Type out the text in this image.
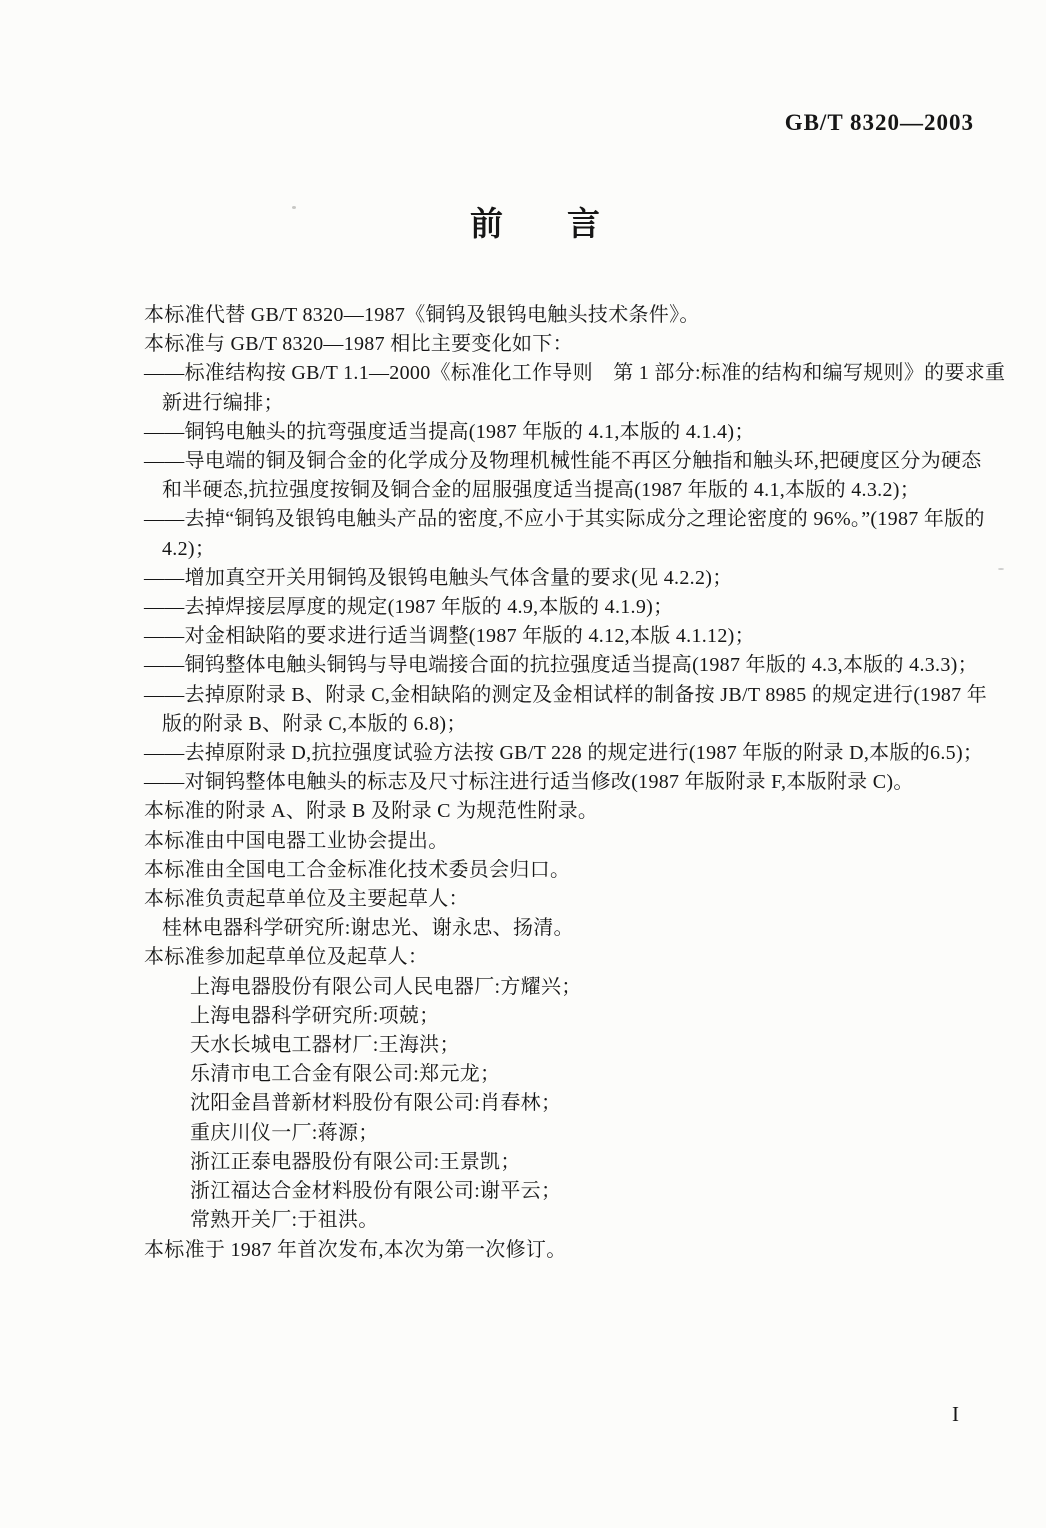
GB/T 8320—2003
前 言
本标准代替 GB/T 8320—1987《铜钨及银钨电触头技术条件》。
本标准与 GB/T 8320—1987 相比主要变化如下：
——标准结构按 GB/T 1.1—2000《标准化工作导则　第 1 部分:标准的结构和编写规则》的要求重
新进行编排；
——铜钨电触头的抗弯强度适当提高(1987 年版的 4.1,本版的 4.1.4)；
——导电端的铜及铜合金的化学成分及物理机械性能不再区分触指和触头环,把硬度区分为硬态
和半硬态,抗拉强度按铜及铜合金的屈服强度适当提高(1987 年版的 4.1,本版的 4.3.2)；
——去掉“铜钨及银钨电触头产品的密度,不应小于其实际成分之理论密度的 96%。”(1987 年版的
4.2)；
——增加真空开关用铜钨及银钨电触头气体含量的要求(见 4.2.2)；
——去掉焊接层厚度的规定(1987 年版的 4.9,本版的 4.1.9)；
——对金相缺陷的要求进行适当调整(1987 年版的 4.12,本版 4.1.12)；
——铜钨整体电触头铜钨与导电端接合面的抗拉强度适当提高(1987 年版的 4.3,本版的 4.3.3)；
——去掉原附录 B、附录 C,金相缺陷的测定及金相试样的制备按 JB/T 8985 的规定进行(1987 年
版的附录 B、附录 C,本版的 6.8)；
——去掉原附录 D,抗拉强度试验方法按 GB/T 228 的规定进行(1987 年版的附录 D,本版的6.5)；
——对铜钨整体电触头的标志及尺寸标注进行适当修改(1987 年版附录 F,本版附录 C)。
本标准的附录 A、附录 B 及附录 C 为规范性附录。
本标准由中国电器工业协会提出。
本标准由全国电工合金标准化技术委员会归口。
本标准负责起草单位及主要起草人：
桂林电器科学研究所:谢忠光、谢永忠、扬清。
本标准参加起草单位及起草人：
上海电器股份有限公司人民电器厂:方耀兴；
上海电器科学研究所:项兢；
天水长城电工器材厂:王海洪；
乐清市电工合金有限公司:郑元龙；
沈阳金昌普新材料股份有限公司:肖春林；
重庆川仪一厂:蒋源；
浙江正泰电器股份有限公司:王景凯；
浙江福达合金材料股份有限公司:谢平云；
常熟开关厂:于祖洪。
本标准于 1987 年首次发布,本次为第一次修订。
I
